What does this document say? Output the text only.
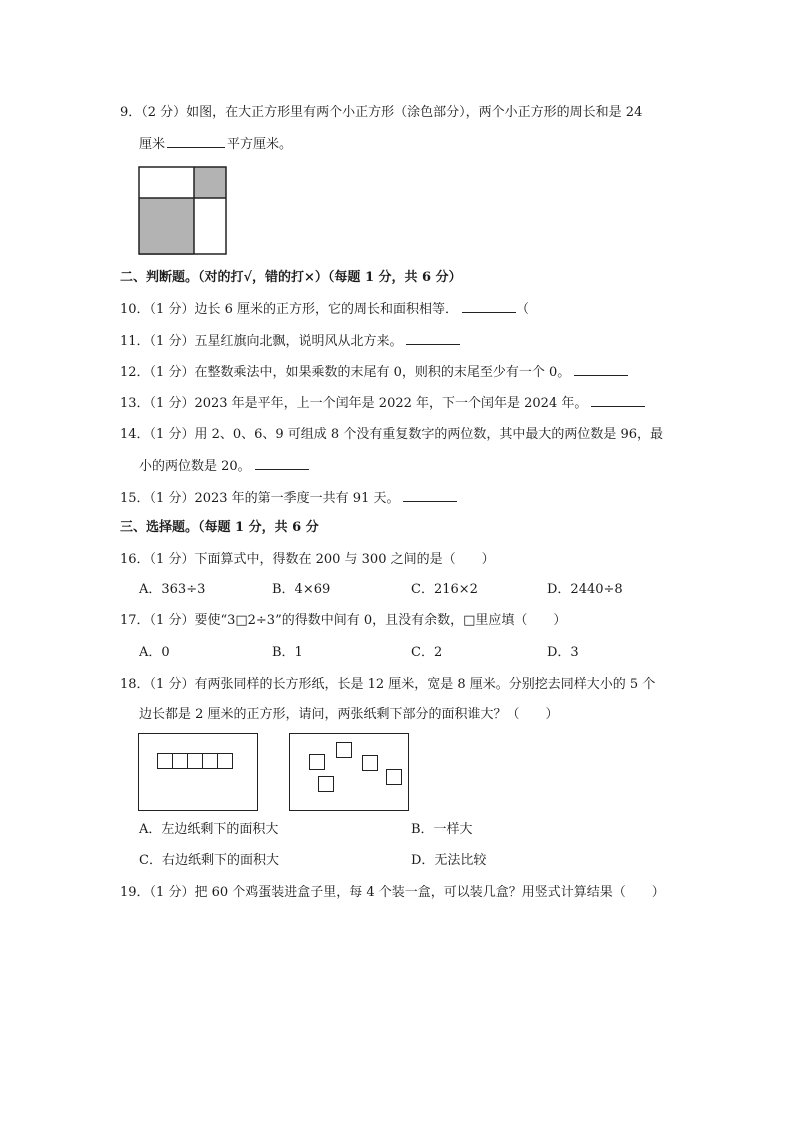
9．（2 分）如图，在大正方形里有两个小正方形（涂色部分），两个小正方形的周长和是 24
厘米	平方厘米。
二、判断题。（对的打√，错的打×）（每题 1 分，共 6 分）
10．（1 分）边长 6 厘米的正方形，它的周长和面积相等．	（
11．（1 分）五星红旗向北飘，说明风从北方来。
12．（1 分）在整数乘法中，如果乘数的末尾有 0，则积的末尾至少有一个 0。
13．（1 分）2023 年是平年，上一个闰年是 2022 年，下一个闰年是 2024 年。
14．（1 分）用 2、0、6、9 可组成 8 个没有重复数字的两位数，其中最大的两位数是 96，最
小的两位数是 20。
15．（1 分）2023 年的第一季度一共有 91 天。
三、选择题。（每题 1 分，共 6 分
16．（1 分）下面算式中，得数在 200 与 300 之间的是（　　）
A．363÷3	B．4×69	C．216×2	D．2440÷8
17．（1 分）要使“3□2÷3”的得数中间有 0，且没有余数，□里应填（　　）
A．0	B．1	C．2	D．3
18．（1 分）有两张同样的长方形纸，长是 12 厘米，宽是 8 厘米。分别挖去同样大小的 5 个
边长都是 2 厘米的正方形，请问，两张纸剩下部分的面积谁大？（　　）
A．左边纸剩下的面积大	B．一样大
C．右边纸剩下的面积大	D．无法比较
19．（1 分）把 60 个鸡蛋装进盒子里，每 4 个装一盒，可以装几盒？用竖式计算结果（　　）
